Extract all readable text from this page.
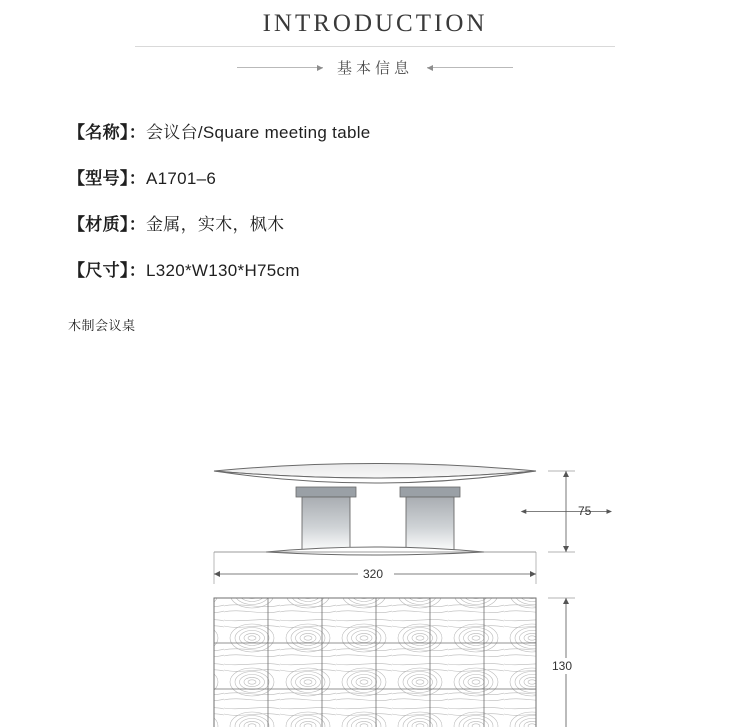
INTRODUCTION
基本信息
【名称】：会议台/Square meeting table
【型号】：A1701–6
【材质】：金属，实木，枫木
【尺寸】：L320*W130*H75cm
木制会议桌
75
320
130
